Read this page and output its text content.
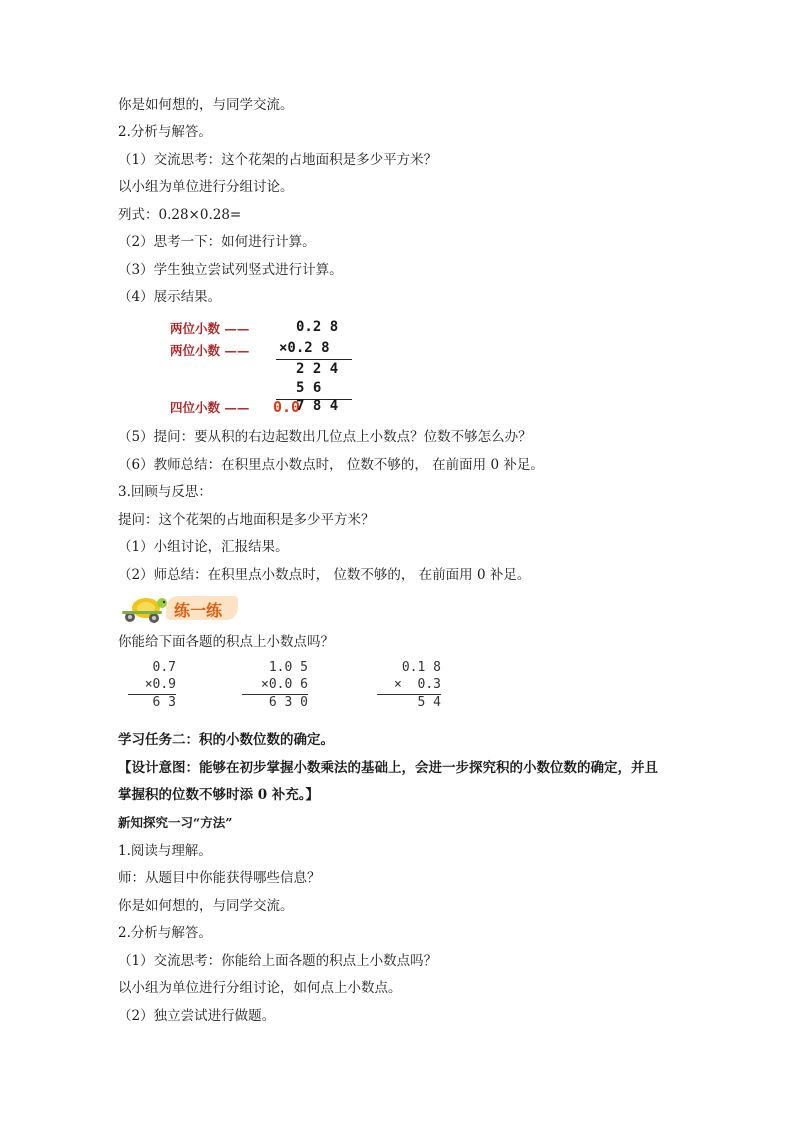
你是如何想的，与同学交流。
2.分析与解答。
（1）交流思考：这个花架的占地面积是多少平方米？
以小组为单位进行分组讨论。
列式：0.28×0.28=
（2）思考一下：如何进行计算。
（3）学生独立尝试列竖式进行计算。
（4）展示结果。
两位小数 ——
两位小数 ——
四位小数 ——
0.2 8
×0.2 8
2 2 4
5 6
0.0
7 8 4
（5）提问：要从积的右边起数出几位点上小数点？位数不够怎么办？
（6）教师总结：在积里点小数点时， 位数不够的， 在前面用 0 补足。
3.回顾与反思：
提问：这个花架的占地面积是多少平方米？
（1）小组讨论，汇报结果。
（2）师总结：在积里点小数点时， 位数不够的， 在前面用 0 补足。
练一练
你能给下面各题的积点上小数点吗？
0.7
×0.9
6 3
1.0 5
×0.0 6
6 3 0
0.1 8
×  0.3
5 4
学习任务二：积的小数位数的确定。
【设计意图：能够在初步掌握小数乘法的基础上，会进一步探究积的小数位数的确定，并且
掌握积的位数不够时添 0 补充。】
新知探究一习“方法”
1.阅读与理解。
师：从题目中你能获得哪些信息？
你是如何想的，与同学交流。
2.分析与解答。
（1）交流思考：你能给上面各题的积点上小数点吗？
以小组为单位进行分组讨论，如何点上小数点。
（2）独立尝试进行做题。
